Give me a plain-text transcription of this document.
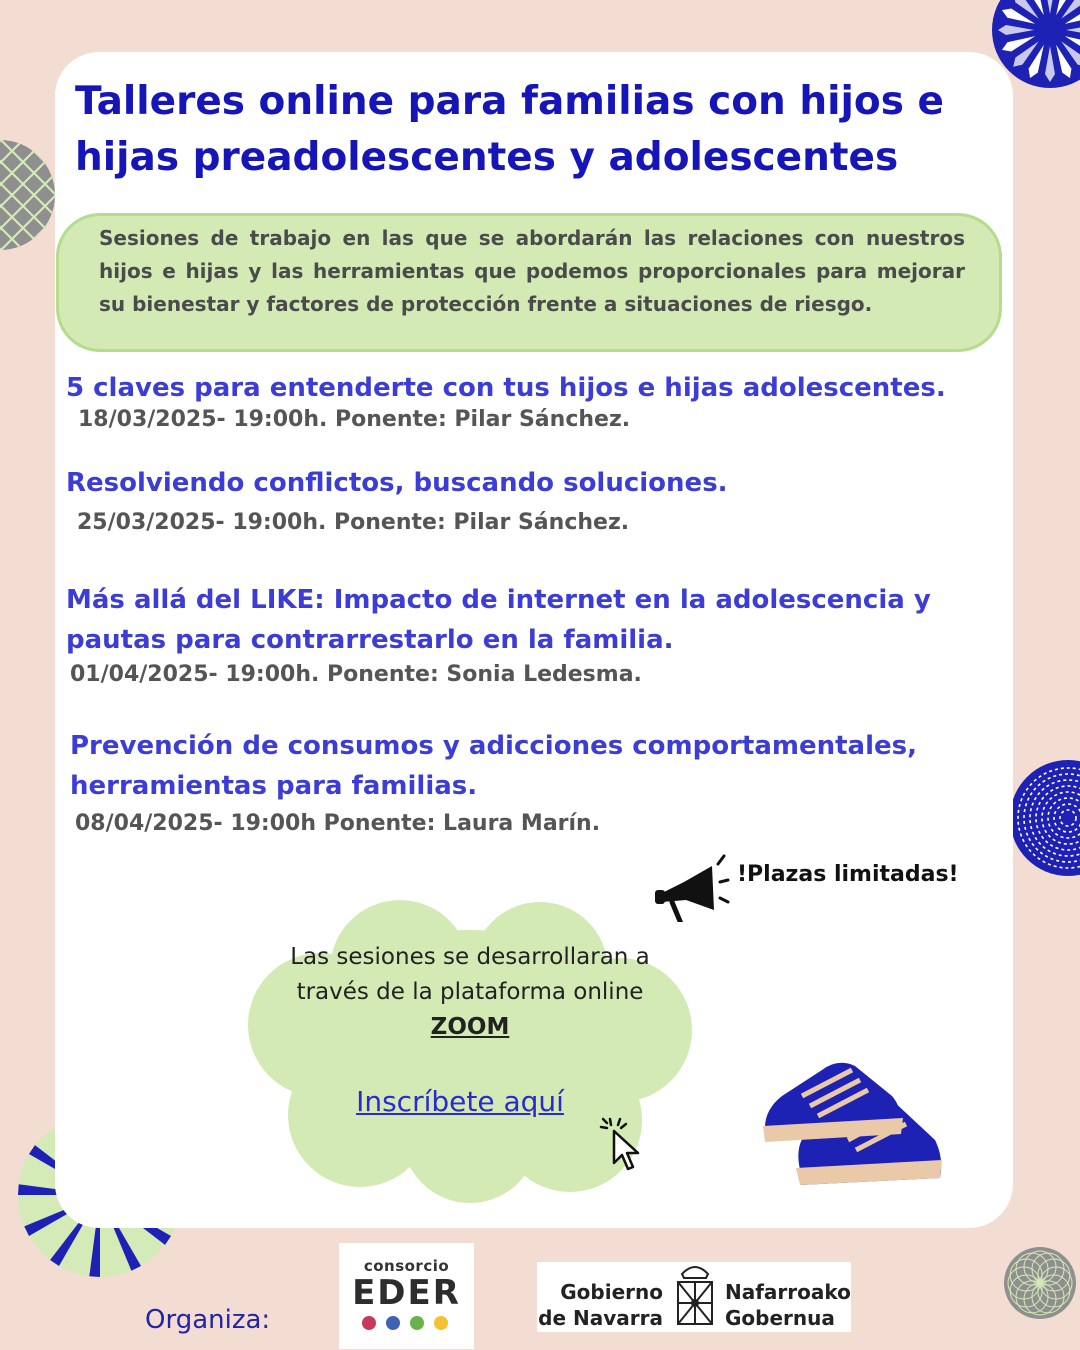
Talleres online para familias con hijos e hijas preadolescentes y adolescentes

Sesiones de trabajo en las que se abordarán las relaciones con nuestros hijos e hijas y las herramientas que podemos proporcionales para mejorar su bienestar y factores de protección frente a situaciones de riesgo.

5 claves para entenderte con tus hijos e hijas adolescentes.

18/03/2025- 19:00h. Ponente: Pilar Sánchez.

Resolviendo conflictos, buscando soluciones.

25/03/2025- 19:00h. Ponente: Pilar Sánchez.

Más allá del LIKE: Impacto de internet en la adolescencia y pautas para contrarrestarlo en la familia.

01/04/2025- 19:00h. Ponente: Sonia Ledesma.

Prevención de consumos y adicciones comportamentales, herramientas para familias.

08/04/2025- 19:00h Ponente: Laura Marín.

!Plazas limitadas!
Las sesiones se desarrollaran a través de la plataforma online
ZOOM
Inscríbete aquí
Organiza:
consorcio
EDER	Gobierno
de Navarra
Nafarroako
Gobernua
